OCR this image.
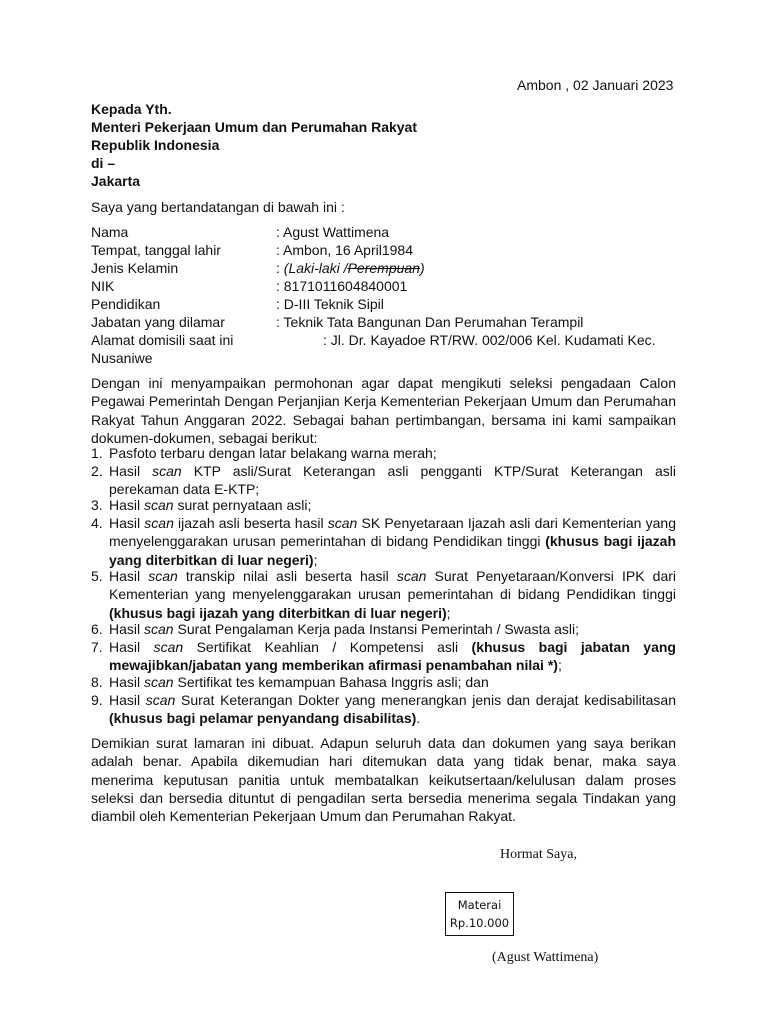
Ambon , 02 Januari 2023
Kepada Yth.
Menteri Pekerjaan Umum dan Perumahan Rakyat
Republik Indonesia
di –
Jakarta
Saya yang bertandatangan di bawah ini :
Nama	: Agust Wattimena
Tempat, tanggal lahir	: Ambon, 16 April1984
Jenis Kelamin	: (Laki-laki /Perempuan)
NIK	: 8171011604840001
Pendidikan	: D-III Teknik Sipil
Jabatan yang dilamar	: Teknik Tata Bangunan Dan Perumahan Terampil
Alamat domisili saat ini	: Jl. Dr. Kayadoe RT/RW. 002/006 Kel. Kudamati Kec.
Nusaniwe
Dengan ini menyampaikan permohonan agar dapat mengikuti seleksi pengadaan Calon Pegawai Pemerintah Dengan Perjanjian Kerja Kementerian Pekerjaan Umum dan Perumahan Rakyat Tahun Anggaran 2022. Sebagai bahan pertimbangan, bersama ini kami sampaikan dokumen-dokumen, sebagai berikut:
1. Pasfoto terbaru dengan latar belakang warna merah;
2. Hasil scan KTP asli/Surat Keterangan asli pengganti KTP/Surat Keterangan asli perekaman data E-KTP;
3. Hasil scan surat pernyataan asli;
4. Hasil scan ijazah asli beserta hasil scan SK Penyetaraan Ijazah asli dari Kementerian yang menyelenggarakan urusan pemerintahan di bidang Pendidikan tinggi (khusus bagi ijazah yang diterbitkan di luar negeri);
5. Hasil scan transkip nilai asli beserta hasil scan Surat Penyetaraan/Konversi IPK dari Kementerian yang menyelenggarakan urusan pemerintahan di bidang Pendidikan tinggi (khusus bagi ijazah yang diterbitkan di luar negeri);
6. Hasil scan Surat Pengalaman Kerja pada Instansi Pemerintah / Swasta asli;
7. Hasil scan Sertifikat Keahlian / Kompetensi asli (khusus bagi jabatan yang mewajibkan/jabatan yang memberikan afirmasi penambahan nilai *);
8. Hasil scan Sertifikat tes kemampuan Bahasa Inggris asli; dan
9. Hasil scan Surat Keterangan Dokter yang menerangkan jenis dan derajat kedisabilitasan (khusus bagi pelamar penyandang disabilitas).
Demikian surat lamaran ini dibuat. Adapun seluruh data dan dokumen yang saya berikan adalah benar. Apabila dikemudian hari ditemukan data yang tidak benar, maka saya menerima keputusan panitia untuk membatalkan keikutsertaan/kelulusan dalam proses seleksi dan bersedia dituntut di pengadilan serta bersedia menerima segala Tindakan yang diambil oleh Kementerian Pekerjaan Umum dan Perumahan Rakyat.
Hormat Saya,
Materai
Rp.10.000
(Agust Wattimena)
